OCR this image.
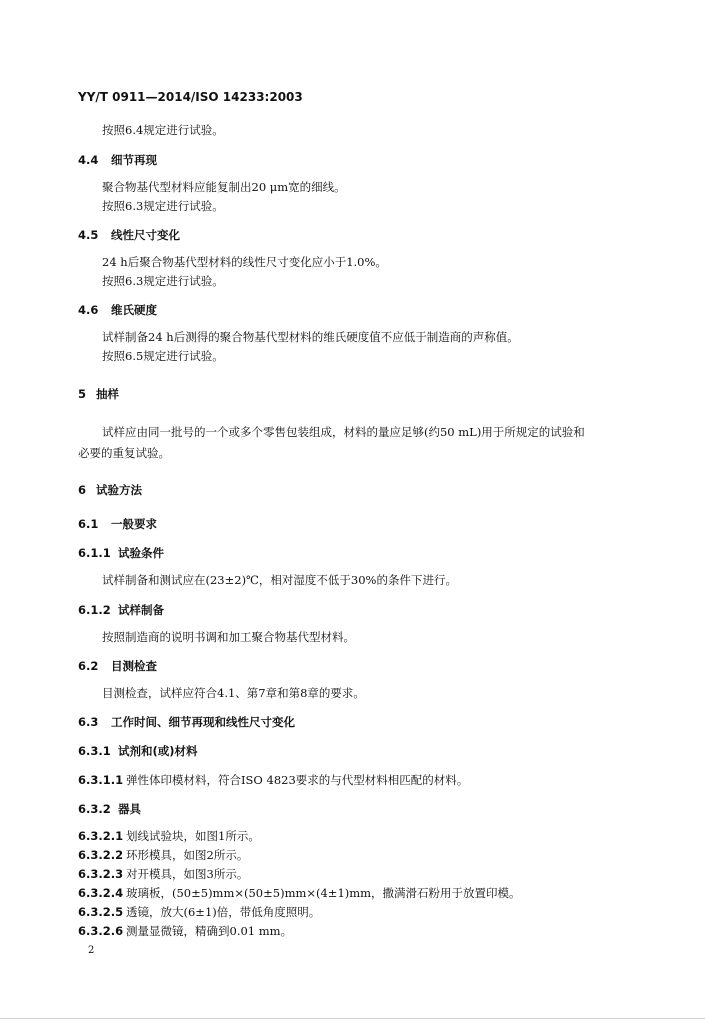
YY/T 0911—2014/ISO 14233:2003
按照6.4规定进行试验。
4.4 细节再现
聚合物基代型材料应能复制出20 μm宽的细线。
按照6.3规定进行试验。
4.5 线性尺寸变化
24 h后聚合物基代型材料的线性尺寸变化应小于1.0%。
按照6.3规定进行试验。
4.6 维氏硬度
试样制备24 h后测得的聚合物基代型材料的维氏硬度值不应低于制造商的声称值。
按照6.5规定进行试验。
5 抽样
试样应由同一批号的一个或多个零售包装组成，材料的量应足够(约50 mL)用于所规定的试验和
必要的重复试验。
6 试验方法
6.1 一般要求
6.1.1 试验条件
试样制备和测试应在(23±2)℃，相对湿度不低于30%的条件下进行。
6.1.2 试样制备
按照制造商的说明书调和加工聚合物基代型材料。
6.2 目测检查
目测检查，试样应符合4.1、第7章和第8章的要求。
6.3 工作时间、细节再现和线性尺寸变化
6.3.1 试剂和(或)材料
6.3.1.1 弹性体印模材料，符合ISO 4823要求的与代型材料相匹配的材料。
6.3.2 器具
6.3.2.1 划线试验块，如图1所示。
6.3.2.2 环形模具，如图2所示。
6.3.2.3 对开模具，如图3所示。
6.3.2.4 玻璃板，(50±5)mm×(50±5)mm×(4±1)mm，撒满滑石粉用于放置印模。
6.3.2.5 透镜，放大(6±1)倍，带低角度照明。
6.3.2.6 测量显微镜，精确到0.01 mm。
2
